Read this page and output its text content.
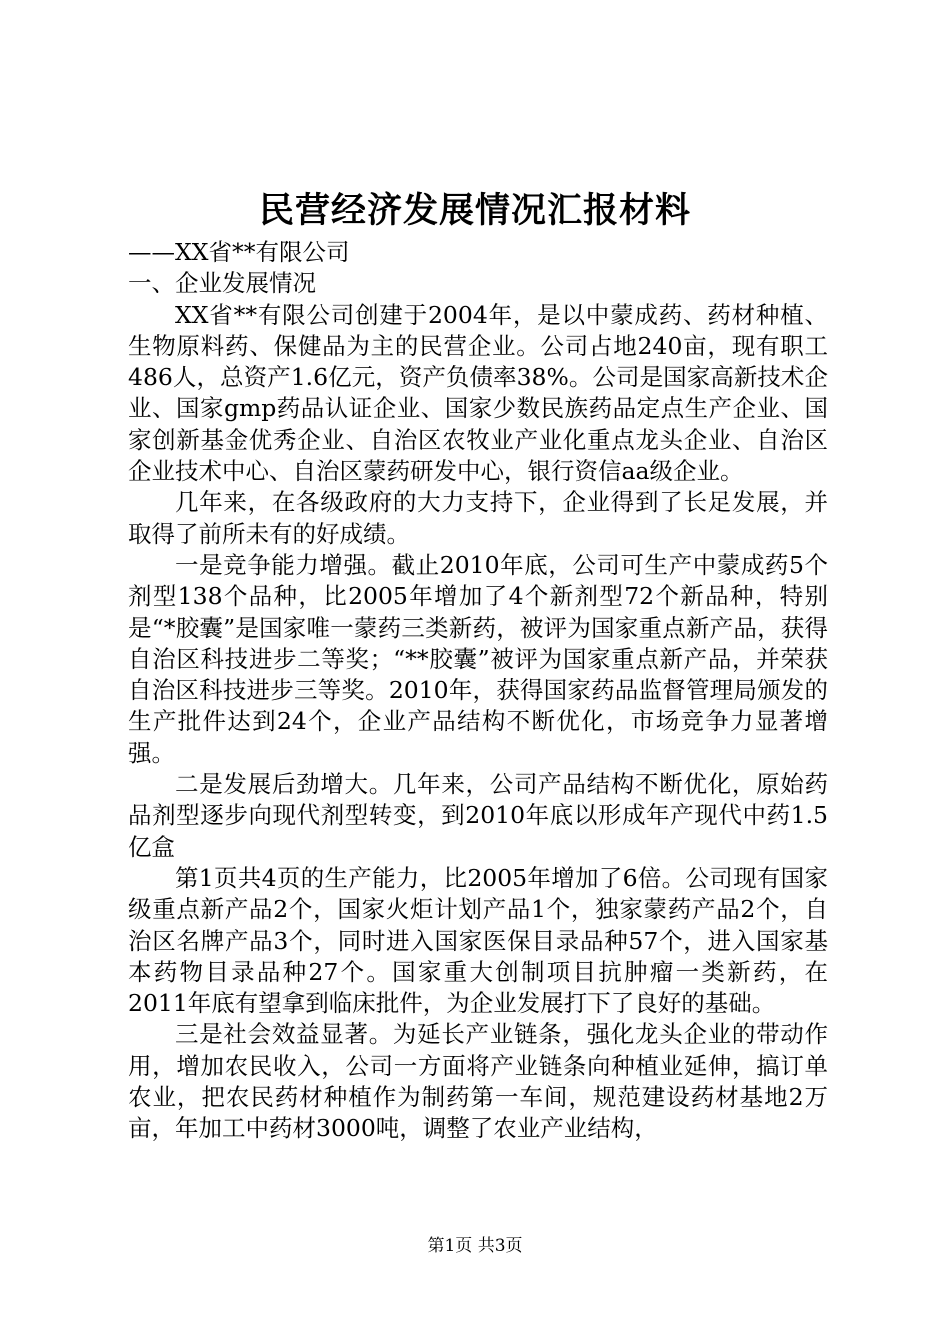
民营经济发展情况汇报材料

——XX省**有限公司

一、企业发展情况

XX省**有限公司创建于2004年，是以中蒙成药、药材种植、生物原料药、保健品为主的民营企业。公司占地240亩，现有职工486人，总资产1.6亿元，资产负债率38%。公司是国家高新技术企业、国家gmp药品认证企业、国家少数民族药品定点生产企业、国家创新基金优秀企业、自治区农牧业产业化重点龙头企业、自治区企业技术中心、自治区蒙药研发中心，银行资信aa级企业。

几年来，在各级政府的大力支持下，企业得到了长足发展，并取得了前所未有的好成绩。

一是竞争能力增强。截止2010年底，公司可生产中蒙成药5个剂型138个品种，比2005年增加了4个新剂型72个新品种，特别是“*胶囊”是国家唯一蒙药三类新药，被评为国家重点新产品，获得自治区科技进步二等奖；“**胶囊”被评为国家重点新产品，并荣获自治区科技进步三等奖。2010年，获得国家药品监督管理局颁发的生产批件达到24个，企业产品结构不断优化，市场竞争力显著增强。

二是发展后劲增大。几年来，公司产品结构不断优化，原始药品剂型逐步向现代剂型转变，到2010年底以形成年产现代中药1.5亿盒

第1页共4页的生产能力，比2005年增加了6倍。公司现有国家级重点新产品2个，国家火炬计划产品1个，独家蒙药产品2个，自治区名牌产品3个，同时进入国家医保目录品种57个，进入国家基本药物目录品种27个。国家重大创制项目抗肿瘤一类新药，在2011年底有望拿到临床批件，为企业发展打下了良好的基础。

三是社会效益显著。为延长产业链条，强化龙头企业的带动作用，增加农民收入，公司一方面将产业链条向种植业延伸，搞订单农业，把农民药材种植作为制药第一车间，规范建设药材基地2万亩，年加工中药材3000吨，调整了农业产业结构，

第1页 共3页
